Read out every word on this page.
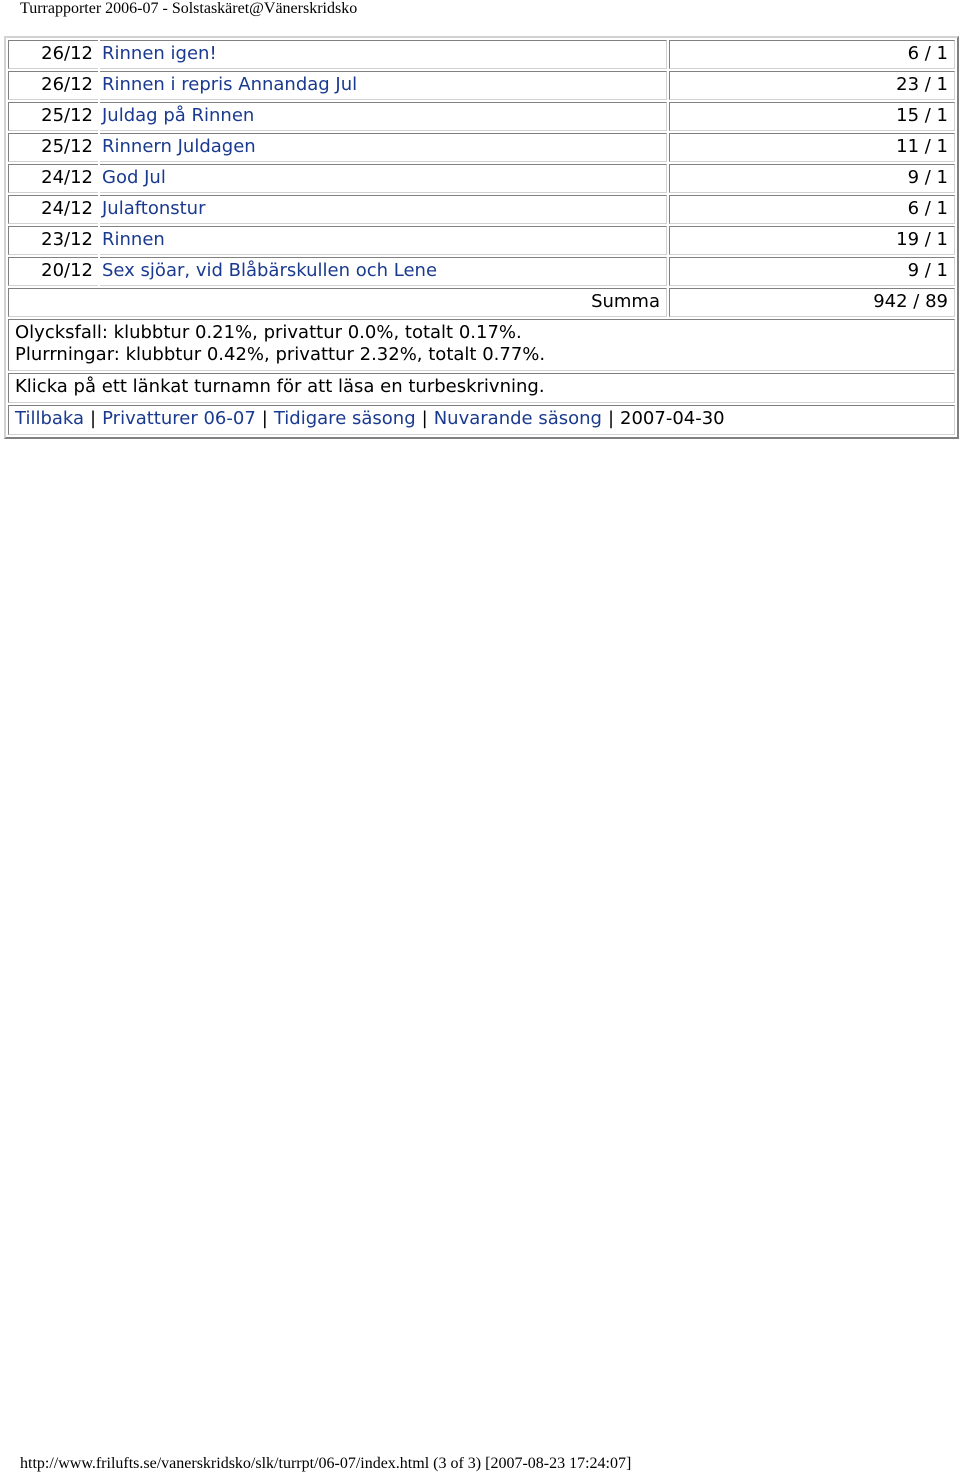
Turrapporter 2006-07 - Solstaskäret@Vänerskridsko
26/12	Rinnen igen!	6 / 1
26/12	Rinnen i repris Annandag Jul	23 / 1
25/12	Juldag på Rinnen	15 / 1
25/12	Rinnern Juldagen	11 / 1
24/12	God Jul	9 / 1
24/12	Julaftonstur	6 / 1
23/12	Rinnen	19 / 1
20/12	Sex sjöar, vid Blåbärskullen och Lene	9 / 1
Summa		942 / 89

Olycksfall: klubbtur 0.21%, privattur 0.0%, totalt 0.17%.
Plurrningar: klubbtur 0.42%, privattur 2.32%, totalt 0.77%.		

Klicka på ett länkat turnamn för att läsa en turbeskrivning.		
Tillbaka | Privatturer 06-07 | Tidigare säsong | Nuvarande säsong | 2007-04-30		
http://www.frilufts.se/vanerskridsko/slk/turrpt/06-07/index.html (3 of 3) [2007-08-23 17:24:07]
